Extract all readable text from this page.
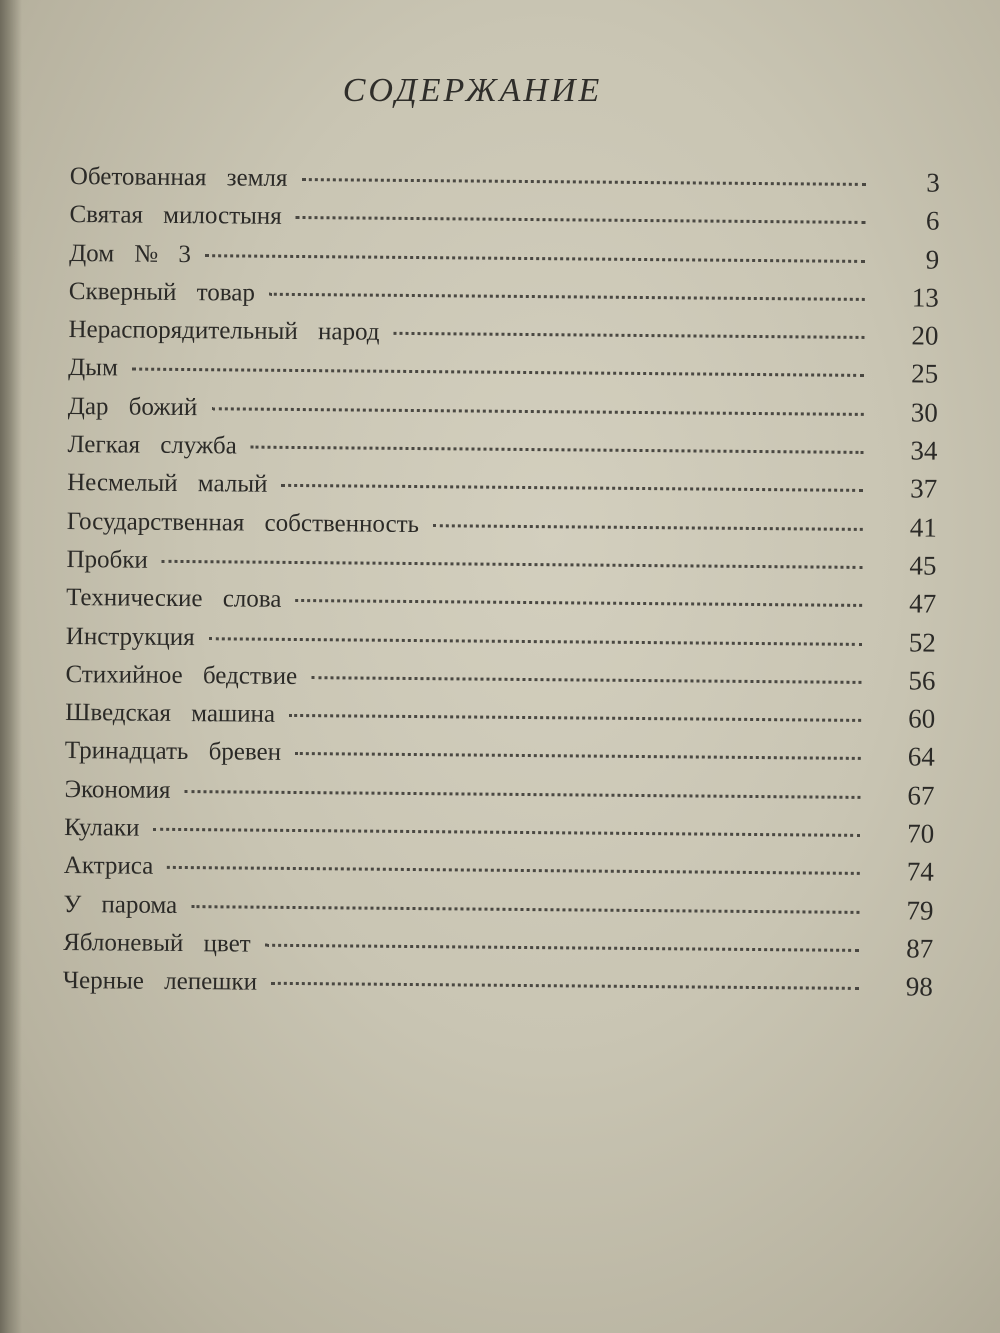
СОДЕРЖАНИЕ
Обетованная земля	3
Святая милостыня	6
Дом № 3	9
Скверный товар	13
Нераспорядительный народ	20
Дым	25
Дар божий	30
Легкая служба	34
Несмелый малый	37
Государственная собственность	41
Пробки	45
Технические слова	47
Инструкция	52
Стихийное бедствие	56
Шведская машина	60
Тринадцать бревен	64
Экономия	67
Кулаки	70
Актриса	74
У парома	79
Яблоневый цвет	87
Черные лепешки	98
